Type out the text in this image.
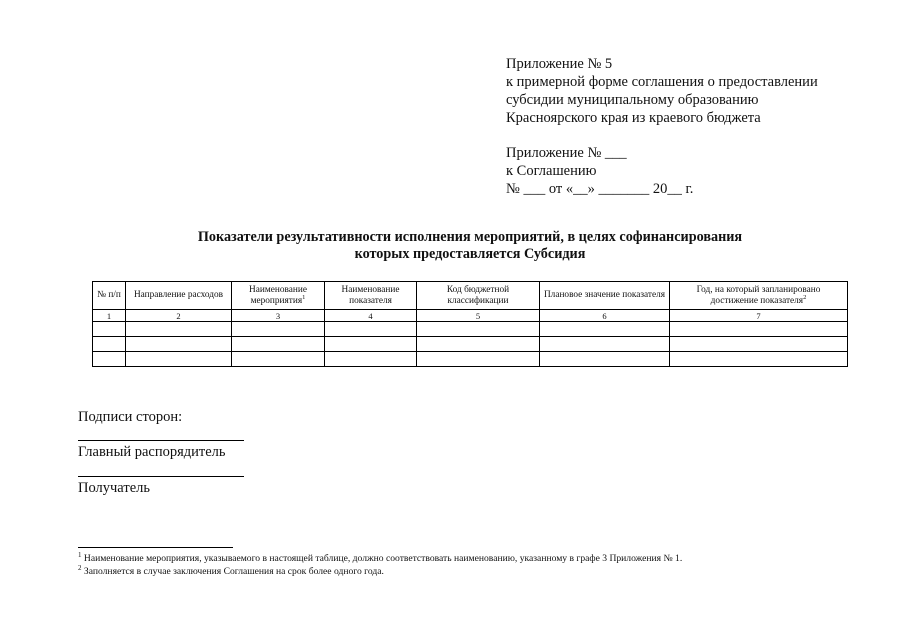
Приложение № 5
к примерной форме соглашения о предоставлении
субсидии муниципальному образованию
Красноярского края из краевого бюджета
Приложение № ___
к Соглашению
№ ___ от «__» _______ 20__ г.
Показатели результативности исполнения мероприятий, в целях софинансирования
которых предоставляется Субсидия
№ п/п	Направление расходов	Наименование мероприятия$^1$	Наименование показателя	Код бюджетной классификации	Плановое значение показателя	Год, на который запланировано достижение показателя$^2$
1	2	3	4	5	6	7

Подписи сторон:
Главный распорядитель
Получатель
$^1$ Наименование мероприятия, указываемого в настоящей таблице, должно соответствовать наименованию, указанному в графе 3 Приложения № 1.
$^2$ Заполняется в случае заключения Соглашения на срок более одного года.
